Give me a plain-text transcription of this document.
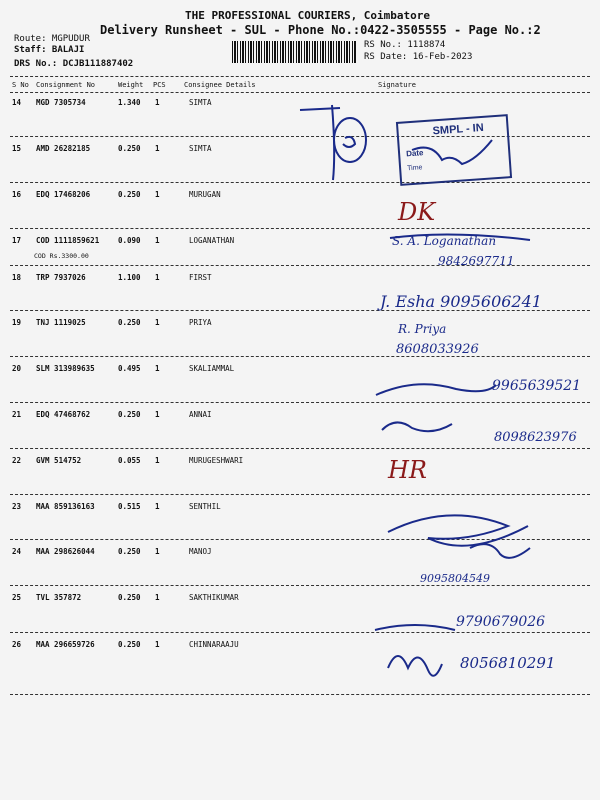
THE PROFESSIONAL COURIERS, Coimbatore
Delivery Runsheet - SUL - Phone No.:0422-3505555 - Page No.:2
Route: MGPUDUR
Staff: BALAJI
DRS No.: DCJB111887402
RS No.: 1118874
RS Date: 16-Feb-2023
S No Consignment No	Weight PCS	Consignee Details	Signature
14 MGD 7305734	1.340 1	SIMTA
15 AMD 26282185	0.250 1	SIMTA
16 EDQ 17468206	0.250 1	MURUGAN
17 COD 1111859621	0.090 1	LOGANATHAN
COD Rs.3300.00
18 TRP 7937026	1.100 1	FIRST
19 TNJ 1119025	0.250 1	PRIYA
20 SLM 313989635	0.495 1	SKALIAMMAL
21 EDQ 47468762	0.250 1	ANNAI
22 GVM 514752	0.055 1	MURUGESHWARI
23 MAA 859136163	0.515 1	SENTHIL
24 MAA 298626044	0.250 1	MANOJ
25 TVL 357872	0.250 1	SAKTHIKUMAR
26 MAA 296659726	0.250 1	CHINNARAAJU
SMPL - IN
Date
Time
DK
S. A. Loganathan
9842697711
J. Esha 9095606241
R. Priya
8608033926
9965639521
8098623976
HR
9095804549
9790679026
8056810291
